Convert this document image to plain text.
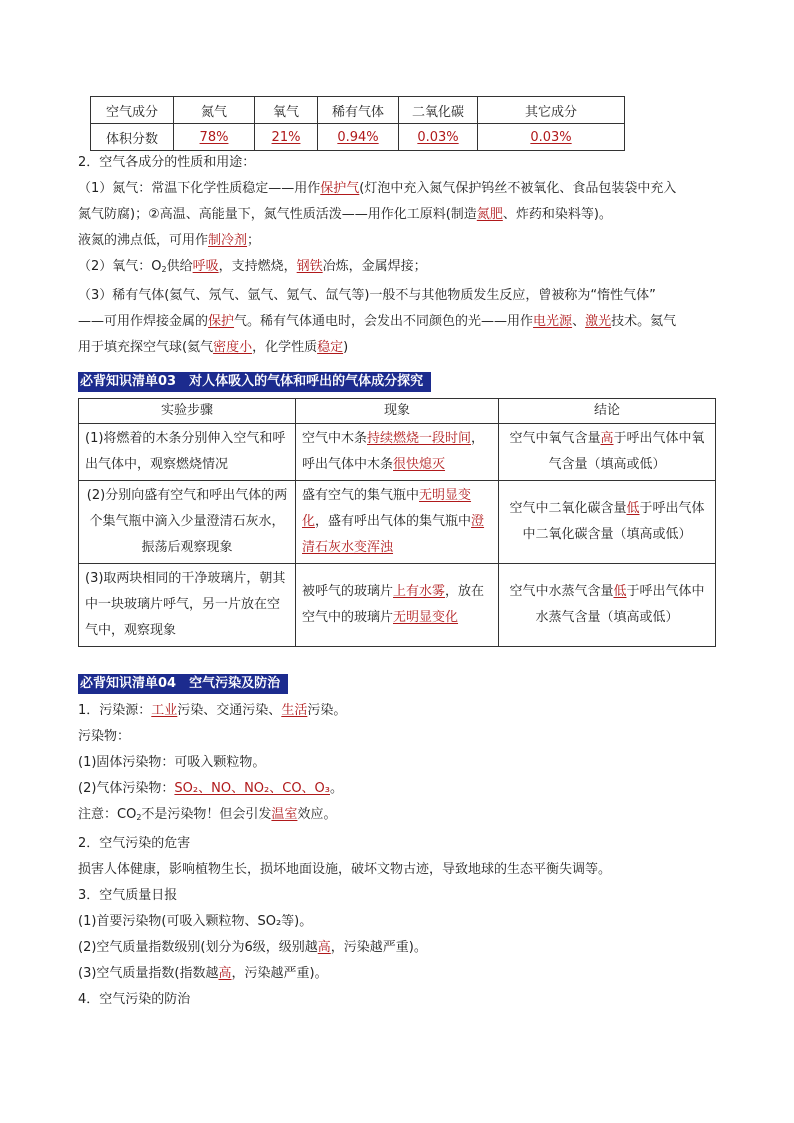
空气成分	氮气	氧气	稀有气体	二氧化碳	其它成分
体积分数	78%	21%	0.94%	0.03%	0.03%
2．空气各成分的性质和用途：
（1）氮气：常温下化学性质稳定——用作保护气(灯泡中充入氮气保护钨丝不被氧化、食品包装袋中充入
氮气防腐)；②高温、高能量下，氮气性质活泼——用作化工原料(制造氮肥、炸药和染料等)。
液氮的沸点低，可用作制冷剂；
（2）氧气：$O_2$供给呼吸，支持燃烧，钢铁冶炼，金属焊接；
（3）稀有气体(氦气、氖气、氩气、氪气、氙气等)一般不与其他物质发生反应，曾被称为“惰性气体”
——可用作焊接金属的保护气。稀有气体通电时，会发出不同颜色的光——用作电光源、激光技术。氦气
用于填充探空气球(氦气密度小，化学性质稳定)
必背知识清单03　对人体吸入的气体和呼出的气体成分探究
实验步骤	现象	结论
(1)将燃着的木条分别伸入空气和呼出气体中，观察燃烧情况	空气中木条持续燃烧一段时间，呼出气体中木条很快熄灭	空气中氧气含量高于呼出气体中氧气含量（填高或低）
(2)分别向盛有空气和呼出气体的两个集气瓶中滴入少量澄清石灰水，振荡后观察现象	盛有空气的集气瓶中无明显变化，盛有呼出气体的集气瓶中澄清石灰水变浑浊	空气中二氧化碳含量低于呼出气体中二氧化碳含量（填高或低）
(3)取两块相同的干净玻璃片，朝其中一块玻璃片呼气，另一片放在空气中，观察现象	被呼气的玻璃片上有水雾，放在空气中的玻璃片无明显变化	空气中水蒸气含量低于呼出气体中水蒸气含量（填高或低）
必背知识清单04　空气污染及防治
1．污染源：工业污染、交通污染、生活污染。
污染物：
(1)固体污染物：可吸入颗粒物。
(2)气体污染物：SO₂、NO、NO₂、CO、O₃。
注意：$CO_2$不是污染物！但会引发温室效应。
2．空气污染的危害
损害人体健康，影响植物生长，损坏地面设施，破坏文物古迹，导致地球的生态平衡失调等。
3．空气质量日报
(1)首要污染物(可吸入颗粒物、SO₂等)。
(2)空气质量指数级别(划分为6级，级别越高，污染越严重)。
(3)空气质量指数(指数越高，污染越严重)。
4．空气污染的防治
